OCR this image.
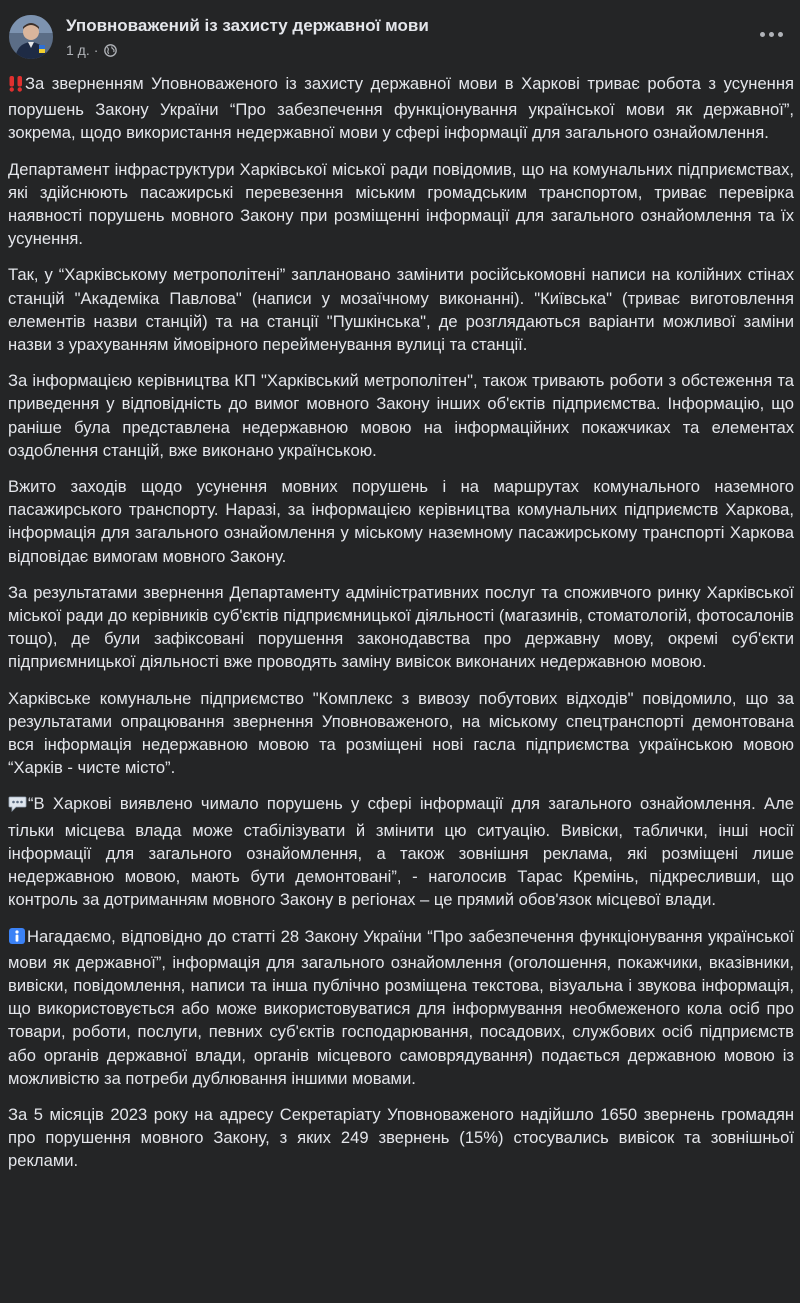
Уповноважений із захисту державної мови
1 д. ·

За зверненням Уповноваженого із захисту державної мови в Харкові триває робота з усунення порушень Закону України “Про забезпечення функціонування української мови як державної”, зокрема, щодо використання недержавної мови у сфері інформації для загального ознайомлення.

Департамент інфраструктури Харківської міської ради повідомив, що на комунальних підприємствах, які здійснюють пасажирські перевезення міським громадським транспортом, триває перевірка наявності порушень мовного Закону при розміщенні інформації для загального ознайомлення та їх усунення.

Так, у “Харківському метрополітені” заплановано замінити російськомовні написи на колійних стінах станцій "Академіка Павлова" (написи у мозаїчному виконанні). "Київська" (триває виготовлення елементів назви станцій) та на станції "Пушкінська", де розглядаються варіанти можливої заміни назви з урахуванням ймовірного перейменування вулиці та станції.

За інформацією керівництва КП "Харківський метрополітен", також тривають роботи з обстеження та приведення у відповідність до вимог мовного Закону інших об'єктів підприємства. Інформацію, що раніше була представлена недержавною мовою на інформаційних покажчиках та елементах оздоблення станцій, вже виконано українською.

Вжито заходів щодо усунення мовних порушень і на маршрутах комунального наземного пасажирського транспорту. Наразі, за інформацією керівництва комунальних підприємств Харкова, інформація для загального ознайомлення у міському наземному пасажирському транспорті Харкова відповідає вимогам мовного Закону.

За результатами звернення Департаменту адміністративних послуг та споживчого ринку Харківської міської ради до керівників суб'єктів підприємницької діяльності (магазинів, стоматологій, фотосалонів тощо), де були зафіксовані порушення законодавства про державну мову, окремі суб'єкти підприємницької діяльності вже проводять заміну вивісок виконаних недержавною мовою.

Харківське комунальне підприємство "Комплекс з вивозу побутових відходів" повідомило, що за результатами опрацювання звернення Уповноваженого, на міському спецтранспорті демонтована вся інформація недержавною мовою та розміщені нові гасла підприємства українською мовою “Харків - чисте місто”.

“В Харкові виявлено чимало порушень у сфері інформації для загального ознайомлення. Але тільки місцева влада може стабілізувати й змінити цю ситуацію. Вивіски, таблички, інші носії інформації для загального ознайомлення, а також зовнішня реклама, які розміщені лише недержавною мовою, мають бути демонтовані”, - наголосив Тарас Кремінь, підкресливши, що контроль за дотриманням мовного Закону в регіонах – це прямий обов'язок місцевої влади.

Нагадаємо, відповідно до статті 28 Закону України “Про забезпечення функціонування української мови як державної”, інформація для загального ознайомлення (оголошення, покажчики, вказівники, вивіски, повідомлення, написи та інша публічно розміщена текстова, візуальна і звукова інформація, що використовується або може використовуватися для інформування необмеженого кола осіб про товари, роботи, послуги, певних суб'єктів господарювання, посадових, службових осіб підприємств або органів державної влади, органів місцевого самоврядування) подається державною мовою із можливістю за потреби дублювання іншими мовами.

За 5 місяців 2023 року на адресу Секретаріату Уповноваженого надійшло 1650 звернень громадян про порушення мовного Закону, з яких 249 звернень (15%) стосувались вивісок та зовнішньої реклами.
